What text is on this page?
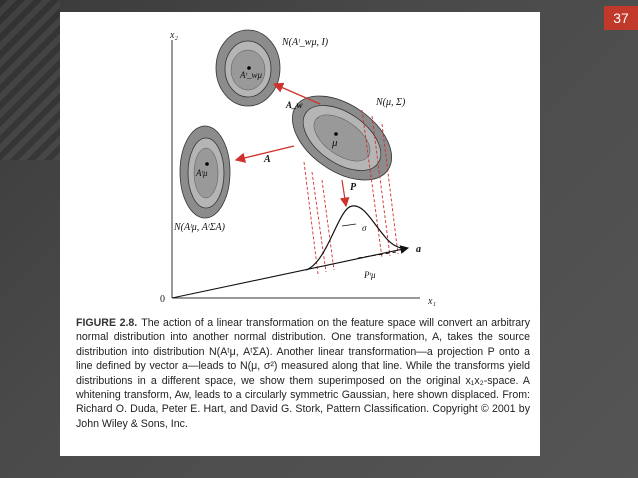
37
x₂
x₁
0
Aᵗ_wμ
N(Aᵗ_wμ, I)
Aᵗμ
N(Aᵗμ, AᵗΣA)
μ
N(μ, Σ)
A_w
A
P
σ
a
Pᵗμ
FIGURE 2.8. The action of a linear transformation on the feature space will convert an arbitrary normal distribution into another normal distribution. One transformation, A, takes the source distribution into distribution N(Aᵗμ, AᵗΣA). Another linear transformation—a projection P onto a line defined by vector a—leads to N(μ, σ²) measured along that line. While the transforms yield distributions in a different space, we show them superimposed on the original x₁x₂-space. A whitening transform, Aw, leads to a circularly symmetric Gaussian, here shown displaced. From: Richard O. Duda, Peter E. Hart, and David G. Stork, Pattern Classification. Copyright © 2001 by John Wiley & Sons, Inc.
